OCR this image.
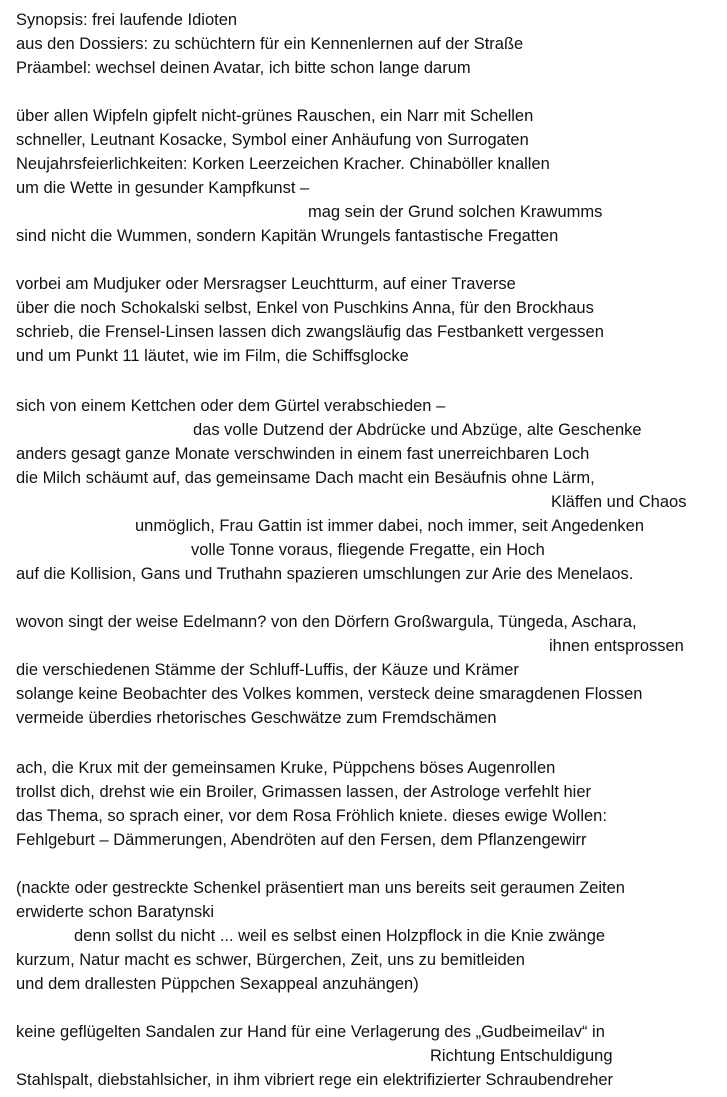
Synopsis: frei laufende Idioten
aus den Dossiers: zu schüchtern für ein Kennenlernen auf der Straße
Präambel: wechsel deinen Avatar, ich bitte schon lange darum
über allen Wipfeln gipfelt nicht-grünes Rauschen, ein Narr mit Schellen
schneller, Leutnant Kosacke, Symbol einer Anhäufung von Surrogaten
Neujahrsfeierlichkeiten: Korken Leerzeichen Kracher. Chinaböller knallen
um die Wette in gesunder Kampfkunst –
mag sein der Grund solchen Krawumms
sind nicht die Wummen, sondern Kapitän Wrungels fantastische Fregatten
vorbei am Mudjuker oder Mersragser Leuchtturm, auf einer Traverse
über die noch Schokalski selbst, Enkel von Puschkins Anna, für den Brockhaus
schrieb, die Frensel-Linsen lassen dich zwangsläufig das Festbankett vergessen
und um Punkt 11 läutet, wie im Film, die Schiffsglocke
sich von einem Kettchen oder dem Gürtel verabschieden –
das volle Dutzend der Abdrücke und Abzüge, alte Geschenke
anders gesagt ganze Monate verschwinden in einem fast unerreichbaren Loch
die Milch schäumt auf, das gemeinsame Dach macht ein Besäufnis ohne Lärm,
Kläffen und Chaos
unmöglich, Frau Gattin ist immer dabei, noch immer, seit Angedenken
volle Tonne voraus, fliegende Fregatte, ein Hoch
auf die Kollision, Gans und Truthahn spazieren umschlungen zur Arie des Menelaos.
wovon singt der weise Edelmann? von den Dörfern Großwargula, Tüngeda, Aschara,
ihnen entsprossen
die verschiedenen Stämme der Schluff-Luffis, der Käuze und Krämer
solange keine Beobachter des Volkes kommen, versteck deine smaragdenen Flossen
vermeide überdies rhetorisches Geschwätze zum Fremdschämen
ach, die Krux mit der gemeinsamen Kruke, Püppchens böses Augenrollen
trollst dich, drehst wie ein Broiler, Grimassen lassen, der Astrologe verfehlt hier
das Thema, so sprach einer, vor dem Rosa Fröhlich kniete. dieses ewige Wollen:
Fehlgeburt – Dämmerungen, Abendröten auf den Fersen, dem Pflanzengewirr
(nackte oder gestreckte Schenkel präsentiert man uns bereits seit geraumen Zeiten
erwiderte schon Baratynski
denn sollst du nicht ... weil es selbst einen Holzpflock in die Knie zwänge
kurzum, Natur macht es schwer, Bürgerchen, Zeit, uns zu bemitleiden
und dem drallesten Püppchen Sexappeal anzuhängen)
keine geflügelten Sandalen zur Hand für eine Verlagerung des „Gudbeimeilav“ in
Richtung Entschuldigung
Stahlspalt, diebstahlsicher, in ihm vibriert rege ein elektrifizierter Schraubendreher
